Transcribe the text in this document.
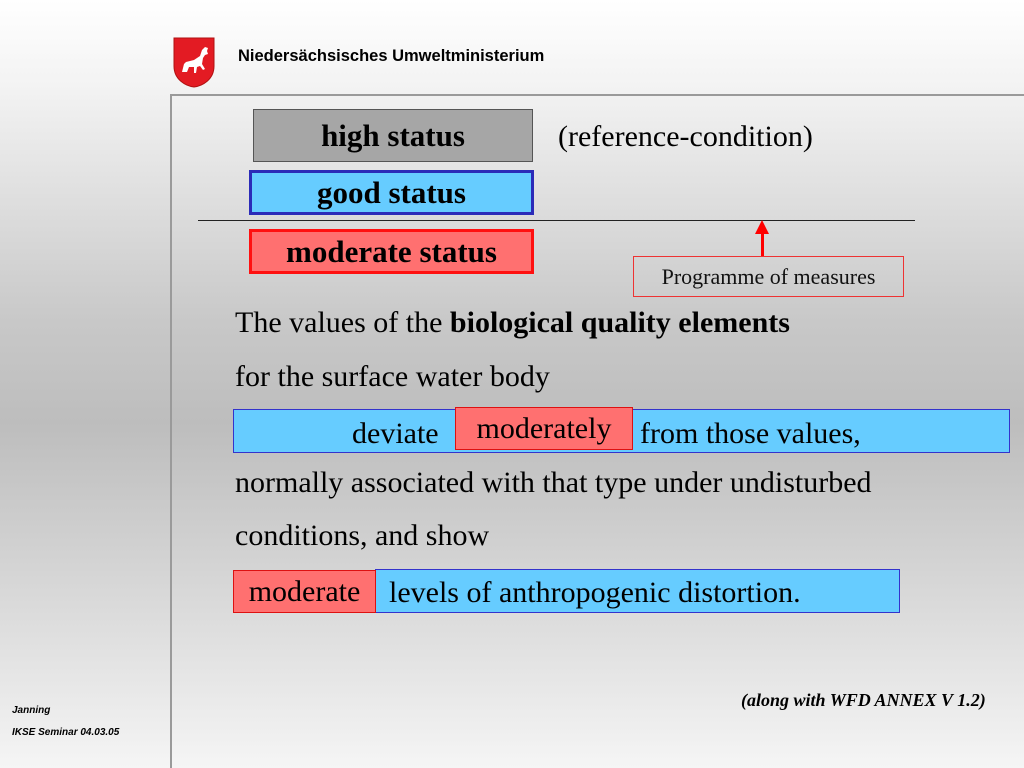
Niedersächsisches Umweltministerium
high status	(reference-condition)
good status
moderate status
Programme of measures
The values of the biological quality elements
for the surface water body
deviate	moderately from those values,
normally associated with that type under undisturbed
conditions, and show
moderate levels of anthropogenic distortion.
(along with WFD ANNEX V 1.2)
Janning
IKSE Seminar 04.03.05
